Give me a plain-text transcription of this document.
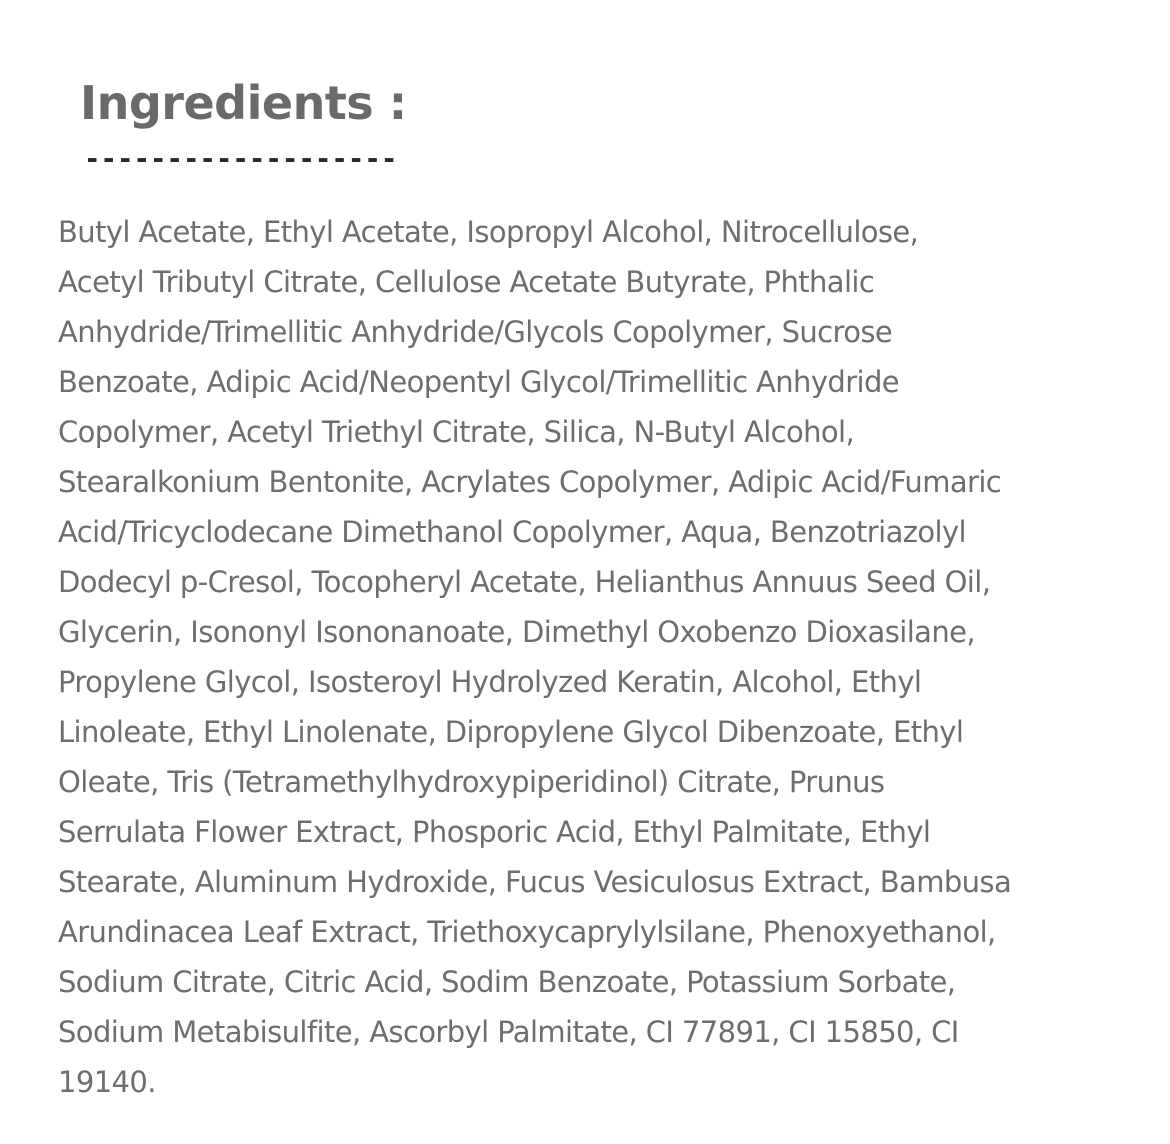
Ingredients :
-------------------

Butyl Acetate, Ethyl Acetate, Isopropyl Alcohol, Nitrocellulose,
Acetyl Tributyl Citrate, Cellulose Acetate Butyrate, Phthalic
Anhydride/Trimellitic Anhydride/Glycols Copolymer, Sucrose
Benzoate, Adipic Acid/Neopentyl Glycol/Trimellitic Anhydride
Copolymer, Acetyl Triethyl Citrate, Silica, N-Butyl Alcohol,
Stearalkonium Bentonite, Acrylates Copolymer, Adipic Acid/Fumaric
Acid/Tricyclodecane Dimethanol Copolymer, Aqua, Benzotriazolyl
Dodecyl p-Cresol, Tocopheryl Acetate, Helianthus Annuus Seed Oil,
Glycerin, Isononyl Isononanoate, Dimethyl Oxobenzo Dioxasilane,
Propylene Glycol, Isosteroyl Hydrolyzed Keratin, Alcohol, Ethyl
Linoleate, Ethyl Linolenate, Dipropylene Glycol Dibenzoate, Ethyl
Oleate, Tris (Tetramethylhydroxypiperidinol) Citrate, Prunus
Serrulata Flower Extract, Phosporic Acid, Ethyl Palmitate, Ethyl
Stearate, Aluminum Hydroxide, Fucus Vesiculosus Extract, Bambusa
Arundinacea Leaf Extract, Triethoxycaprylylsilane, Phenoxyethanol,
Sodium Citrate, Citric Acid, Sodim Benzoate, Potassium Sorbate,
Sodium Metabisulfite, Ascorbyl Palmitate, CI 77891, CI 15850, CI
19140.
